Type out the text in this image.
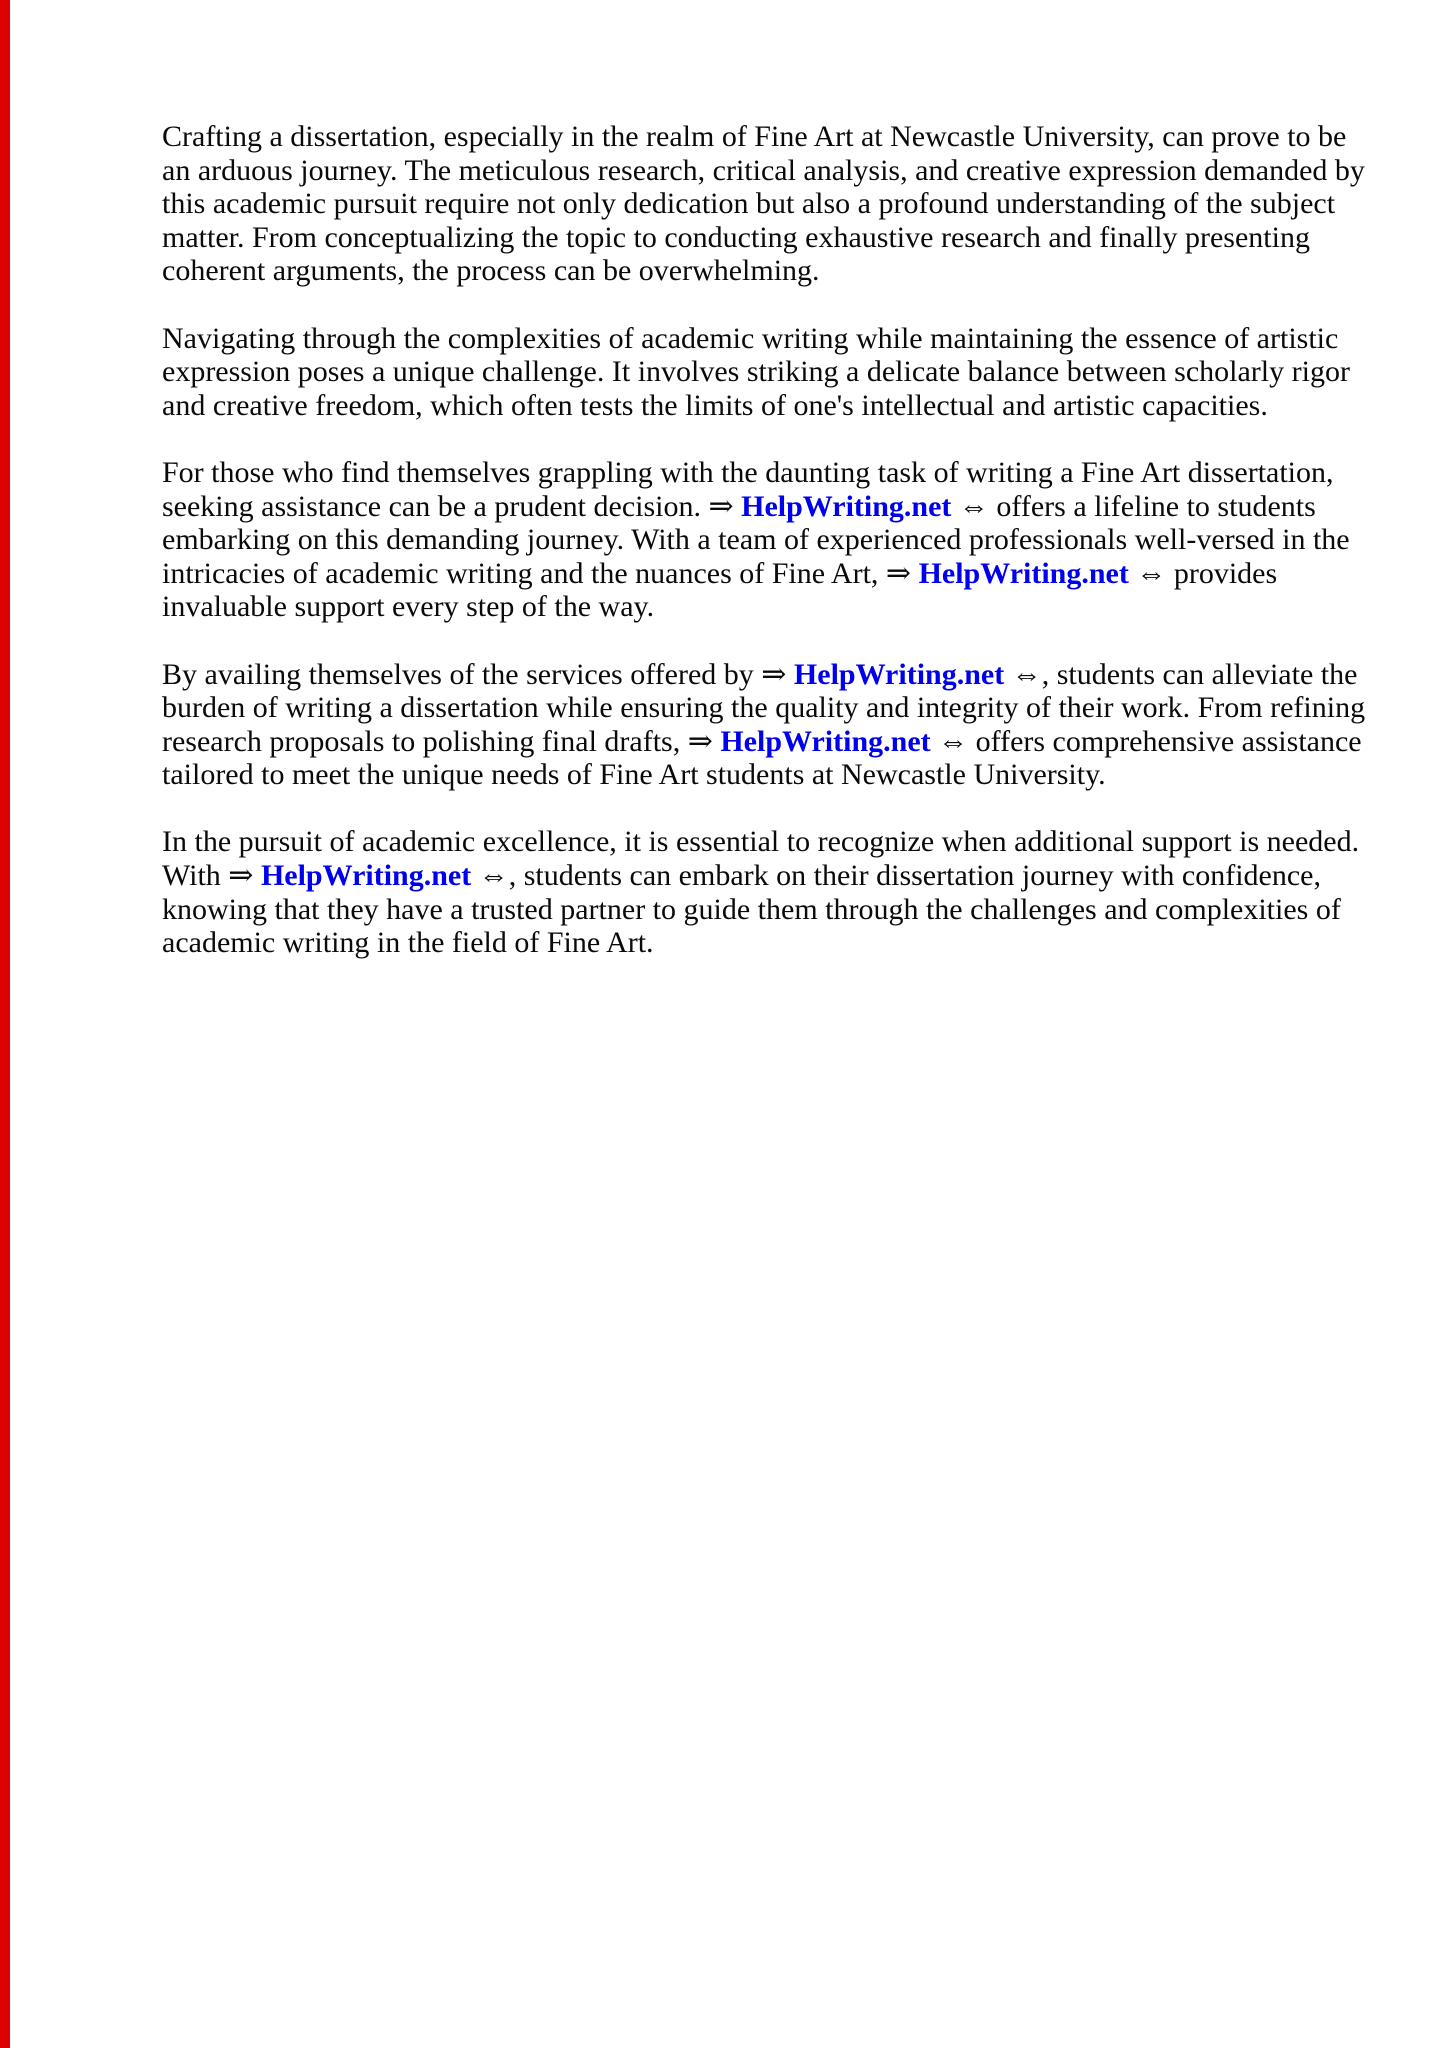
Crafting a dissertation, especially in the realm of Fine Art at Newcastle University, can prove to be
an arduous journey. The meticulous research, critical analysis, and creative expression demanded by
this academic pursuit require not only dedication but also a profound understanding of the subject
matter. From conceptualizing the topic to conducting exhaustive research and finally presenting
coherent arguments, the process can be overwhelming.
Navigating through the complexities of academic writing while maintaining the essence of artistic
expression poses a unique challenge. It involves striking a delicate balance between scholarly rigor
and creative freedom, which often tests the limits of one's intellectual and artistic capacities.
For those who find themselves grappling with the daunting task of writing a Fine Art dissertation,
seeking assistance can be a prudent decision. ⇒ HelpWriting.net ⇔ offers a lifeline to students
embarking on this demanding journey. With a team of experienced professionals well-versed in the
intricacies of academic writing and the nuances of Fine Art, ⇒ HelpWriting.net ⇔ provides
invaluable support every step of the way.
By availing themselves of the services offered by ⇒ HelpWriting.net ⇔, students can alleviate the
burden of writing a dissertation while ensuring the quality and integrity of their work. From refining
research proposals to polishing final drafts, ⇒ HelpWriting.net ⇔ offers comprehensive assistance
tailored to meet the unique needs of Fine Art students at Newcastle University.
In the pursuit of academic excellence, it is essential to recognize when additional support is needed.
With ⇒ HelpWriting.net ⇔, students can embark on their dissertation journey with confidence,
knowing that they have a trusted partner to guide them through the challenges and complexities of
academic writing in the field of Fine Art.
